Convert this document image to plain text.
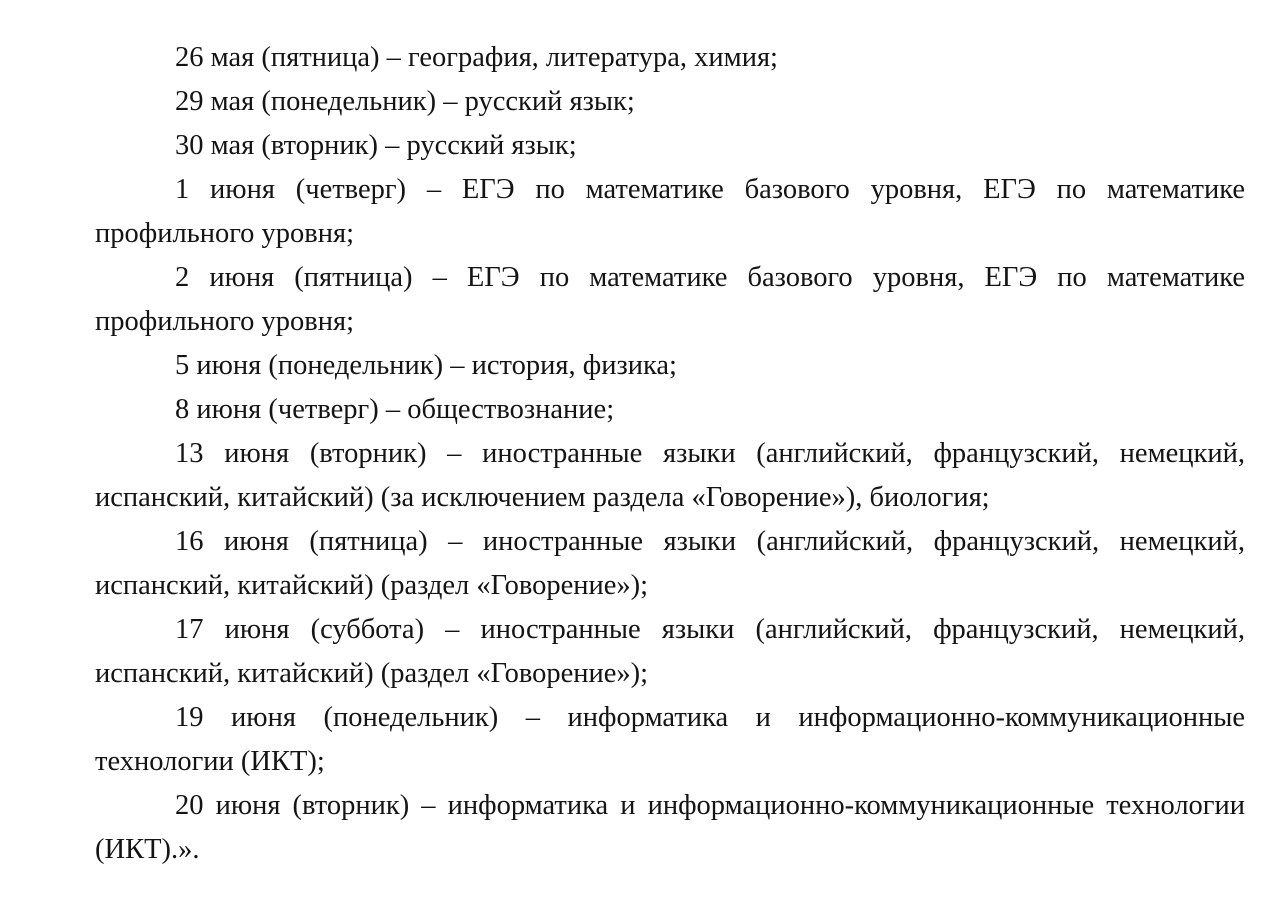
26 мая (пятница) – география, литература, химия;

29 мая (понедельник) – русский язык;

30 мая (вторник) – русский язык;

1 июня (четверг) – ЕГЭ по математике базового уровня, ЕГЭ по математике профильного уровня;

2 июня (пятница) – ЕГЭ по математике базового уровня, ЕГЭ по математике профильного уровня;

5 июня (понедельник) – история, физика;

8 июня (четверг) – обществознание;

13 июня (вторник) – иностранные языки (английский, французский, немецкий, испанский, китайский) (за исключением раздела «Говорение»), биология;

16 июня (пятница) – иностранные языки (английский, французский, немецкий, испанский, китайский) (раздел «Говорение»);

17 июня (суббота) – иностранные языки (английский, французский, немецкий, испанский, китайский) (раздел «Говорение»);

19 июня (понедельник) – информатика и информационно-коммуникационные технологии (ИКТ);

20 июня (вторник) – информатика и информационно-коммуникационные технологии (ИКТ).».
